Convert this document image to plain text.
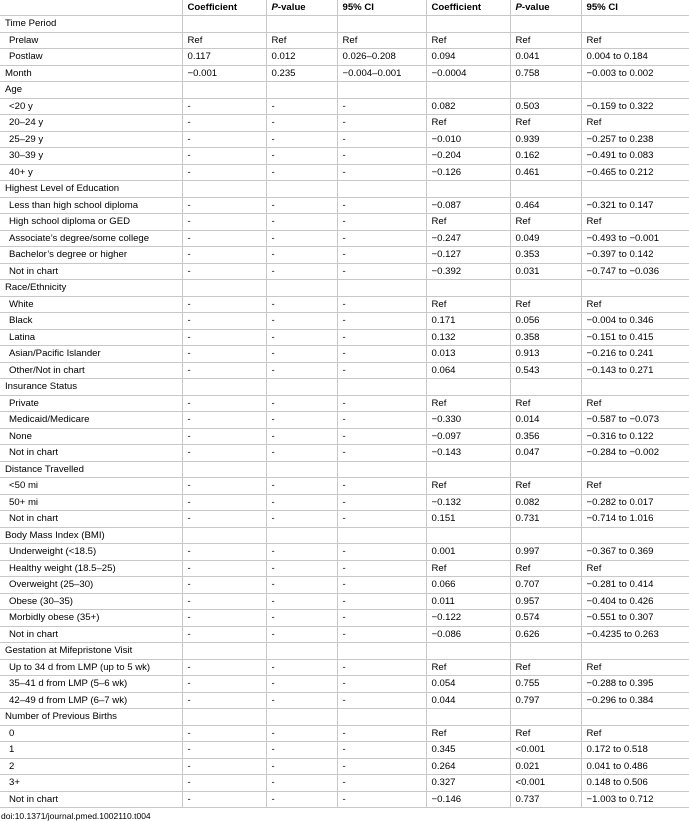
	Coefficient	P-value	95% CI	Coefficient	P-value	95% CI
Time Period						
Prelaw	Ref	Ref	Ref	Ref	Ref	Ref
Postlaw	0.117	0.012	0.026–0.208	0.094	0.041	0.004 to 0.184
Month	−0.001	0.235	−0.004–0.001	−0.0004	0.758	−0.003 to 0.002
Age						
<20 y	-	-	-	0.082	0.503	−0.159 to 0.322
20–24 y	-	-	-	Ref	Ref	Ref
25–29 y	-	-	-	−0.010	0.939	−0.257 to 0.238
30–39 y	-	-	-	−0.204	0.162	−0.491 to 0.083
40+ y	-	-	-	−0.126	0.461	−0.465 to 0.212
Highest Level of Education						
Less than high school diploma	-	-	-	−0.087	0.464	−0.321 to 0.147
High school diploma or GED	-	-	-	Ref	Ref	Ref
Associate’s degree/some college	-	-	-	−0.247	0.049	−0.493 to −0.001
Bachelor’s degree or higher	-	-	-	−0.127	0.353	−0.397 to 0.142
Not in chart	-	-	-	−0.392	0.031	−0.747 to −0.036
Race/Ethnicity						
White	-	-	-	Ref	Ref	Ref
Black	-	-	-	0.171	0.056	−0.004 to 0.346
Latina	-	-	-	0.132	0.358	−0.151 to 0.415
Asian/Pacific Islander	-	-	-	0.013	0.913	−0.216 to 0.241
Other/Not in chart	-	-	-	0.064	0.543	−0.143 to 0.271
Insurance Status						
Private	-	-	-	Ref	Ref	Ref
Medicaid/Medicare	-	-	-	−0.330	0.014	−0.587 to −0.073
None	-	-	-	−0.097	0.356	−0.316 to 0.122
Not in chart	-	-	-	−0.143	0.047	−0.284 to −0.002
Distance Travelled						
<50 mi	-	-	-	Ref	Ref	Ref
50+ mi	-	-	-	−0.132	0.082	−0.282 to 0.017
Not in chart	-	-	-	0.151	0.731	−0.714 to 1.016
Body Mass Index (BMI)						
Underweight (<18.5)	-	-	-	0.001	0.997	−0.367 to 0.369
Healthy weight (18.5–25)	-	-	-	Ref	Ref	Ref
Overweight (25–30)	-	-	-	0.066	0.707	−0.281 to 0.414
Obese (30–35)	-	-	-	0.011	0.957	−0.404 to 0.426
Morbidly obese (35+)	-	-	-	−0.122	0.574	−0.551 to 0.307
Not in chart	-	-	-	−0.086	0.626	−0.4235 to 0.263
Gestation at Mifepristone Visit						
Up to 34 d from LMP (up to 5 wk)	-	-	-	Ref	Ref	Ref
35–41 d from LMP (5–6 wk)	-	-	-	0.054	0.755	−0.288 to 0.395
42–49 d from LMP (6–7 wk)	-	-	-	0.044	0.797	−0.296 to 0.384
Number of Previous Births						
0	-	-	-	Ref	Ref	Ref
1	-	-	-	0.345	<0.001	0.172 to 0.518
2	-	-	-	0.264	0.021	0.041 to 0.486
3+	-	-	-	0.327	<0.001	0.148 to 0.506
Not in chart	-	-	-	−0.146	0.737	−1.003 to 0.712
doi:10.1371/journal.pmed.1002110.t004
